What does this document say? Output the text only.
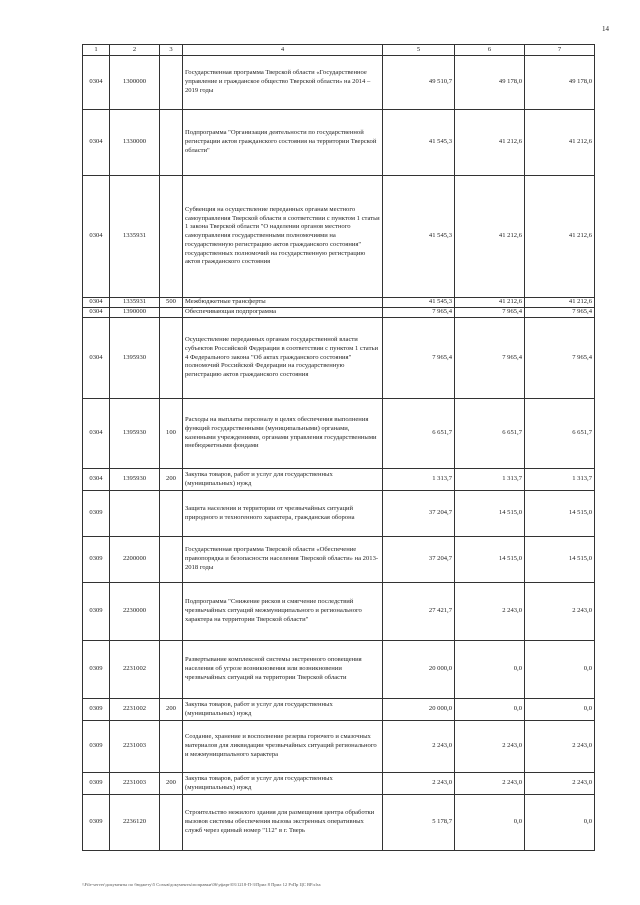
14
1	2	3	4	5	6	7
0304	1300000		Государственная программа Тверской области «Государственное управление и гражданское общество Тверской области» на 2014 – 2019 годы	49 510,7	49 178,0	49 178,0
0304	1330000		Подпрограмма "Организация деятельности по государственной регистрации актов гражданского состояния на территории Тверской области"	41 545,3	41 212,6	41 212,6
0304	1335931		Субвенция на осуществление переданных органам местного самоуправления Тверской области в соответствии с пунктом 1 статьи 1 закона Тверской области "О наделении органов местного самоуправления государственными полномочиями на государственную регистрацию актов гражданского состояния" государственных полномочий на государственную регистрацию актов гражданского состояния	41 545,3	41 212,6	41 212,6
0304	1335931	500	Межбюджетные трансферты	41 545,3	41 212,6	41 212,6
0304	1390000		Обеспечивающая подпрограмма	7 965,4	7 965,4	7 965,4
0304	1395930		Осуществление переданных органам государственной власти субъектов Российской Федерации в соответствии с пунктом 1 статьи 4 Федерального закона "Об актах гражданского состояния" полномочий Российской Федерации на государственную регистрацию актов гражданского состояния	7 965,4	7 965,4	7 965,4
0304	1395930	100	Расходы на выплаты персоналу в целях обеспечения выполнения функций государственными (муниципальными) органами, казенными учреждениями, органами управления государственными внебюджетными фондами	6 651,7	6 651,7	6 651,7
0304	1395930	200	Закупка товаров, работ и услуг для государственных (муниципальных) нужд	1 313,7	1 313,7	1 313,7
0309			Защита населения и территории от чрезвычайных ситуаций природного и техногенного характера, гражданская оборона	37 204,7	14 515,0	14 515,0
0309	2200000		Государственная программа Тверской области «Обеспечение правопорядка и безопасности населения Тверской области» на 2013-2018 годы	37 204,7	14 515,0	14 515,0
0309	2230000		Подпрограмма "Снижение рисков и смягчение последствий чрезвычайных ситуаций межмуниципального и регионального характера на территории Тверской области"	27 421,7	2 243,0	2 243,0
0309	2231002		Развертывание комплексной системы экстренного оповещения населения об угрозе возникновения или возникновении чрезвычайных ситуаций на территории Тверской области	20 000,0	0,0	0,0
0309	2231002	200	Закупка товаров, работ и услуг для государственных (муниципальных) нужд	20 000,0	0,0	0,0
0309	2231003		Создание, хранение и восполнение резерва горючего и смазочных материалов для ликвидации чрезвычайных ситуаций регионального и межмуниципального характера	2 243,0	2 243,0	2 243,0
0309	2231003	200	Закупка товаров, работ и услуг для государственных (муниципальных) нужд	2 243,0	2 243,0	2 243,0
0309	2236120		Строительство нежилого здания для размещения центра обработки вызовов системы обеспечения вызова экстренных оперативных служб через единый номер "112" в г. Тверь	5 178,7	0,0	0,0
\\File-server\документы по бюджету\5 Созыв\документы\поправки\06\уфарт\03\1218-П-3\Прил 8 Прил 12 РзПр ЦС ВР.xlsx
